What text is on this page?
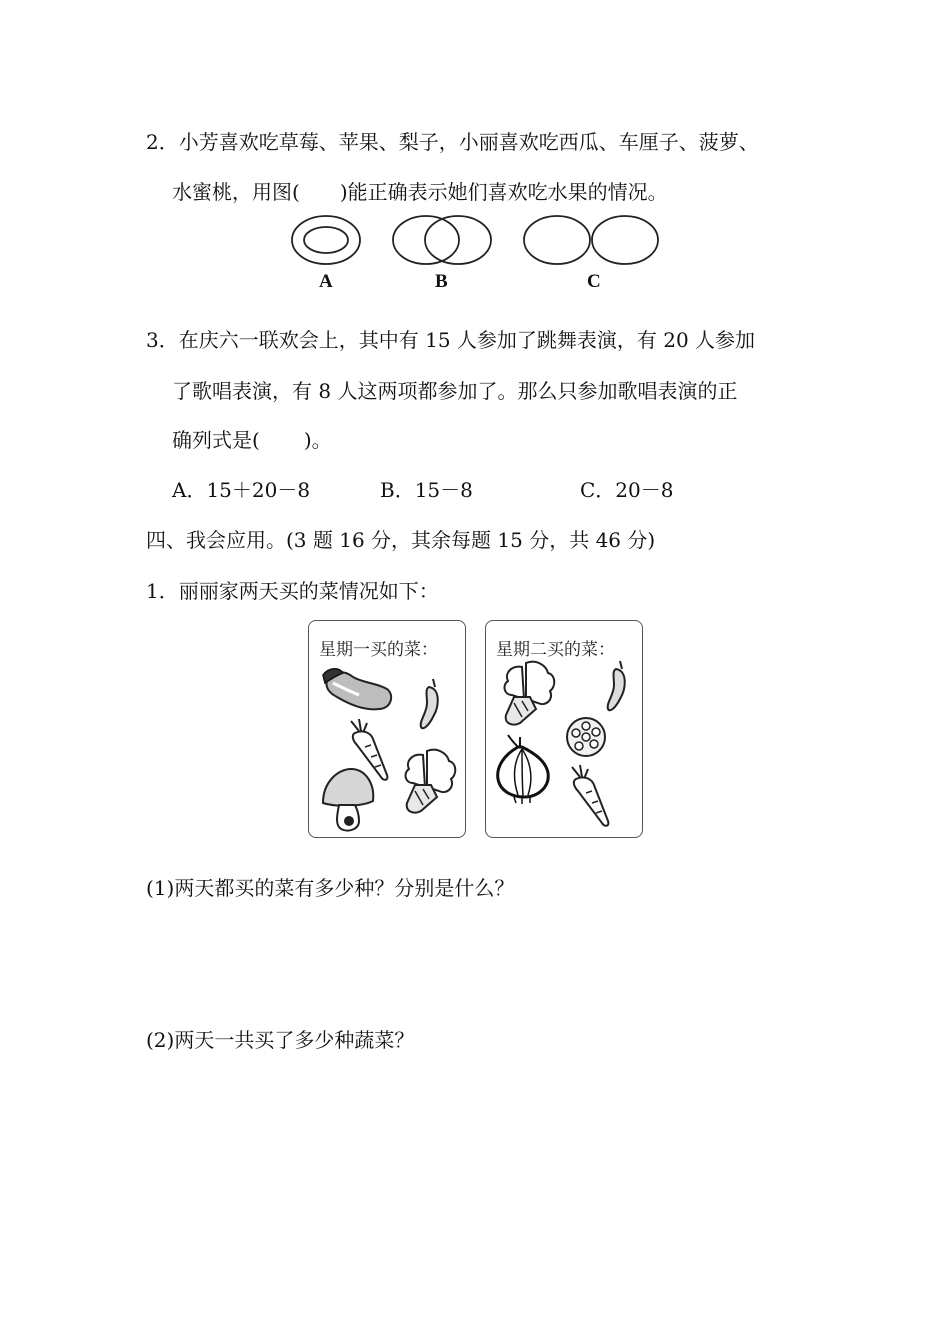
2．小芳喜欢吃草莓、苹果、梨子，小丽喜欢吃西瓜、车厘子、菠萝、
水蜜桃，用图( )能正确表示她们喜欢吃水果的情况。
A	B	C
3．在庆六一联欢会上，其中有 15 人参加了跳舞表演，有 20 人参加
了歌唱表演，有 8 人这两项都参加了。那么只参加歌唱表演的正
确列式是( )。
A．15＋20－8	B．15－8	C．20－8
四、我会应用。(3 题 16 分，其余每题 15 分，共 46 分)
1．丽丽家两天买的菜情况如下：
星期一买的菜：	星期二买的菜：
(1)两天都买的菜有多少种？分别是什么？
(2)两天一共买了多少种蔬菜？
